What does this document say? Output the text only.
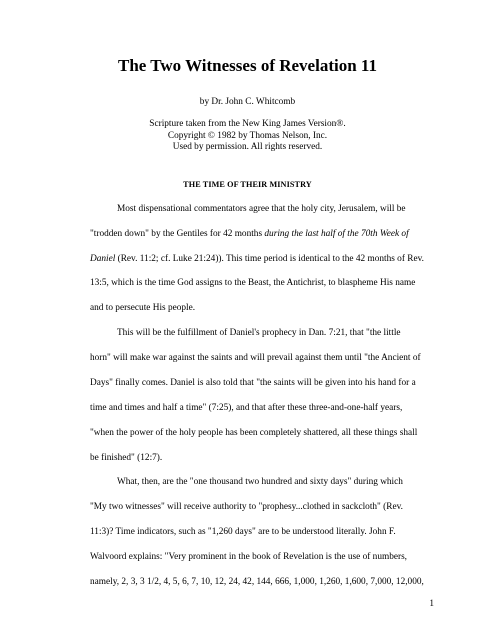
The Two Witnesses of Revelation 11
by Dr. John C. Whitcomb
Scripture taken from the New King James Version®.
Copyright © 1982 by Thomas Nelson, Inc.
Used by permission. All rights reserved.
THE TIME OF THEIR MINISTRY
Most dispensational commentators agree that the holy city, Jerusalem, will be
"trodden down" by the Gentiles for 42 months during the last half of the 70th Week of
Daniel (Rev. 11:2; cf. Luke 21:24)). This time period is identical to the 42 months of Rev.
13:5, which is the time God assigns to the Beast, the Antichrist, to blaspheme His name
and to persecute His people.
This will be the fulfillment of Daniel's prophecy in Dan. 7:21, that "the little
horn" will make war against the saints and will prevail against them until "the Ancient of
Days" finally comes. Daniel is also told that "the saints will be given into his hand for a
time and times and half a time" (7:25), and that after these three-and-one-half years,
"when the power of the holy people has been completely shattered, all these things shall
be finished" (12:7).
What, then, are the "one thousand two hundred and sixty days" during which
"My two witnesses" will receive authority to "prophesy...clothed in sackcloth" (Rev.
11:3)? Time indicators, such as "1,260 days" are to be understood literally. John F.
Walvoord explains: "Very prominent in the book of Revelation is the use of numbers,
namely, 2, 3, 3 1/2, 4, 5, 6, 7, 10, 12, 24, 42, 144, 666, 1,000, 1,260, 1,600, 7,000, 12,000,
1
